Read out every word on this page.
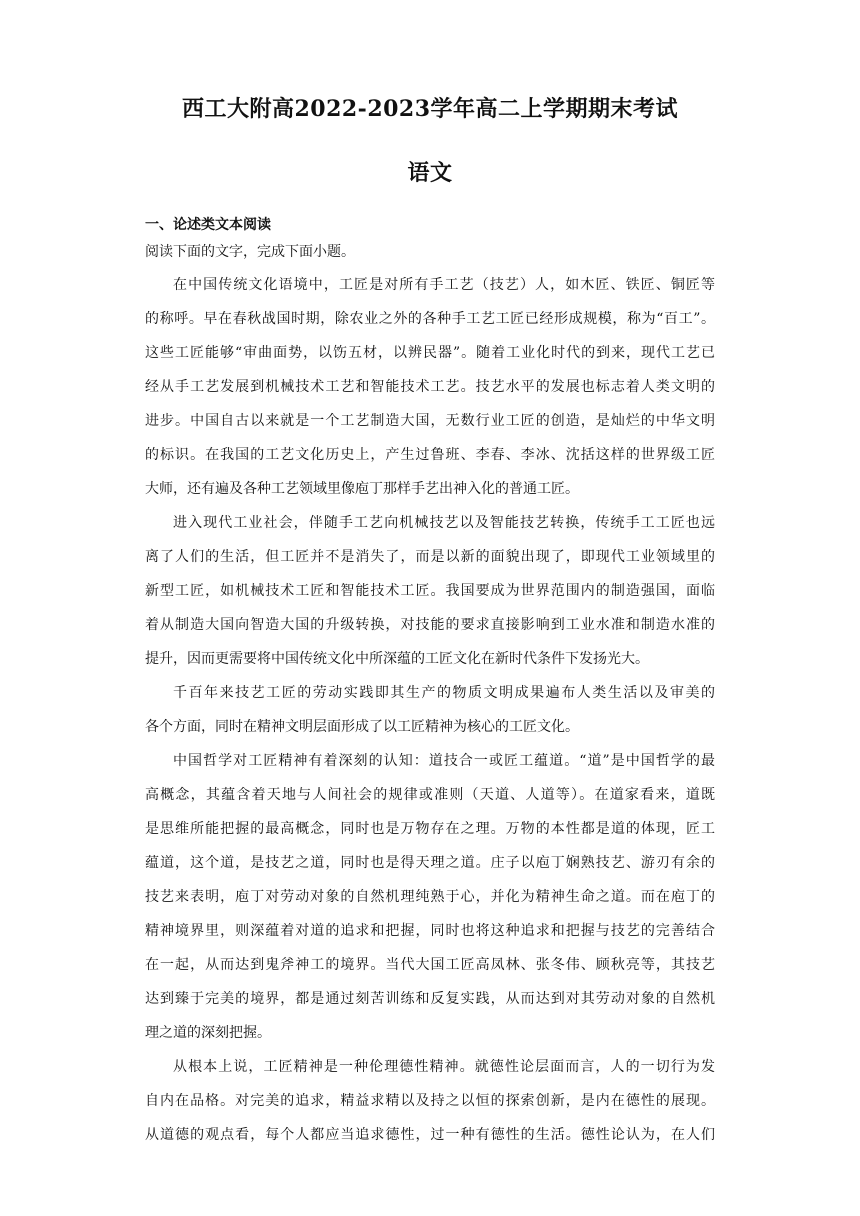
西工大附高2022-2023学年高二上学期期末考试
语文
一、论述类文本阅读
阅读下面的文字，完成下面小题。
在中国传统文化语境中，工匠是对所有手工艺（技艺）人，如木匠、铁匠、铜匠等
的称呼。早在春秋战国时期，除农业之外的各种手工艺工匠已经形成规模，称为“百工”。
这些工匠能够“审曲面势，以饬五材，以辨民器”。随着工业化时代的到来，现代工艺已
经从手工艺发展到机械技术工艺和智能技术工艺。技艺水平的发展也标志着人类文明的
进步。中国自古以来就是一个工艺制造大国，无数行业工匠的创造，是灿烂的中华文明
的标识。在我国的工艺文化历史上，产生过鲁班、李春、李冰、沈括这样的世界级工匠
大师，还有遍及各种工艺领域里像庖丁那样手艺出神入化的普通工匠。
进入现代工业社会，伴随手工艺向机械技艺以及智能技艺转换，传统手工工匠也远
离了人们的生活，但工匠并不是消失了，而是以新的面貌出现了，即现代工业领域里的
新型工匠，如机械技术工匠和智能技术工匠。我国要成为世界范围内的制造强国，面临
着从制造大国向智造大国的升级转换，对技能的要求直接影响到工业水准和制造水准的
提升，因而更需要将中国传统文化中所深蕴的工匠文化在新时代条件下发扬光大。
千百年来技艺工匠的劳动实践即其生产的物质文明成果遍布人类生活以及审美的
各个方面，同时在精神文明层面形成了以工匠精神为核心的工匠文化。
中国哲学对工匠精神有着深刻的认知：道技合一或匠工蕴道。“道”是中国哲学的最
高概念，其蕴含着天地与人间社会的规律或准则（天道、人道等）。在道家看来，道既
是思维所能把握的最高概念，同时也是万物存在之理。万物的本性都是道的体现，匠工
蕴道，这个道，是技艺之道，同时也是得天理之道。庄子以庖丁娴熟技艺、游刃有余的
技艺来表明，庖丁对劳动对象的自然机理纯熟于心，并化为精神生命之道。而在庖丁的
精神境界里，则深蕴着对道的追求和把握，同时也将这种追求和把握与技艺的完善结合
在一起，从而达到鬼斧神工的境界。当代大国工匠高凤林、张冬伟、顾秋亮等，其技艺
达到臻于完美的境界，都是通过刻苦训练和反复实践，从而达到对其劳动对象的自然机
理之道的深刻把握。
从根本上说，工匠精神是一种伦理德性精神。就德性论层面而言，人的一切行为发
自内在品格。对完美的追求，精益求精以及持之以恒的探索创新，是内在德性的展现。
从道德的观点看，每个人都应当追求德性，过一种有德性的生活。德性论认为，在人们
